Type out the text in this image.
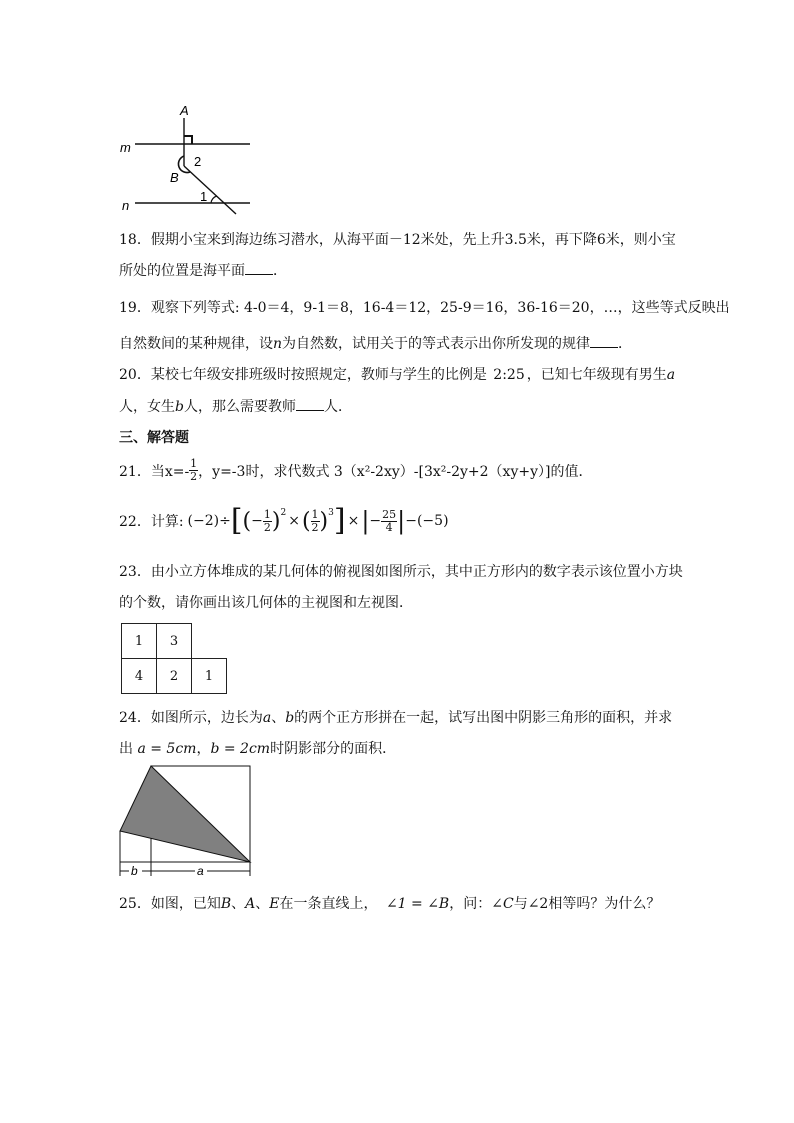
A
m
2
B
n
1
18．假期小宝来到海边练习潜水，从海平面－12米处，先上升3.5米，再下降6米，则小宝
所处的位置是海平面 ．
19．观察下列等式: 4-0＝4，9-1＝8，16-4＝12，25-9＝16，36-16＝20，…，这些等式反映出
自然数间的某种规律，设n为自然数，试用关于的等式表示出你所发现的规律 ．
20．某校七年级安排班级时按照规定，教师与学生的比例是 2:25 ，已知七年级现有男生a
人，女生b人，那么需要教师 人．
三、解答题
21．当$x=- \frac{1}{2}$ ，y=-3时，求代数式 3（x²-2xy）-[3x²-2y+2（xy+y）]的值．
22．计算: (−2)÷ [ ( − $\frac{1}{2} )^2$ × ( $\frac{1}{2} )^3$ ] × | − $\frac{25}{4}$ | −(−5)
23．由小立方体堆成的某几何体的俯视图如图所示，其中正方形内的数字表示该位置小方块
的个数，请你画出该几何体的主视图和左视图．
1	3
4	2	1
24．如图所示，边长为a、b的两个正方形拼在一起，试写出图中阴影三角形的面积，并求
出 a = 5cm，b = 2cm时阴影部分的面积．
b	a
25．如图，已知B、A、E在一条直线上， ∠1 = ∠B，问：∠C与∠2相等吗？为什么？
